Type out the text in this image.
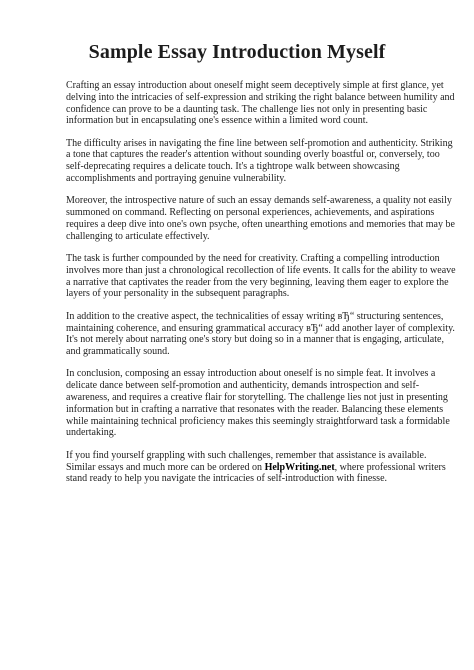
Sample Essay Introduction Myself

Crafting an essay introduction about oneself might seem deceptively simple at first glance, yet
delving into the intricacies of self-expression and striking the right balance between humility and
confidence can prove to be a daunting task. The challenge lies not only in presenting basic
information but in encapsulating one's essence within a limited word count.

The difficulty arises in navigating the fine line between self-promotion and authenticity. Striking
a tone that captures the reader's attention without sounding overly boastful or, conversely, too
self-deprecating requires a delicate touch. It's a tightrope walk between showcasing
accomplishments and portraying genuine vulnerability.

Moreover, the introspective nature of such an essay demands self-awareness, a quality not easily
summoned on command. Reflecting on personal experiences, achievements, and aspirations
requires a deep dive into one's own psyche, often unearthing emotions and memories that may be
challenging to articulate effectively.

The task is further compounded by the need for creativity. Crafting a compelling introduction
involves more than just a chronological recollection of life events. It calls for the ability to weave
a narrative that captivates the reader from the very beginning, leaving them eager to explore the
layers of your personality in the subsequent paragraphs.

In addition to the creative aspect, the technicalities of essay writing вЂ“ structuring sentences,
maintaining coherence, and ensuring grammatical accuracy вЂ“ add another layer of complexity.
It's not merely about narrating one's story but doing so in a manner that is engaging, articulate,
and grammatically sound.

In conclusion, composing an essay introduction about oneself is no simple feat. It involves a
delicate dance between self-promotion and authenticity, demands introspection and self-
awareness, and requires a creative flair for storytelling. The challenge lies not just in presenting
information but in crafting a narrative that resonates with the reader. Balancing these elements
while maintaining technical proficiency makes this seemingly straightforward task a formidable
undertaking.

If you find yourself grappling with such challenges, remember that assistance is available.
Similar essays and much more can be ordered on HelpWriting.net, where professional writers
stand ready to help you navigate the intricacies of self-introduction with finesse.
